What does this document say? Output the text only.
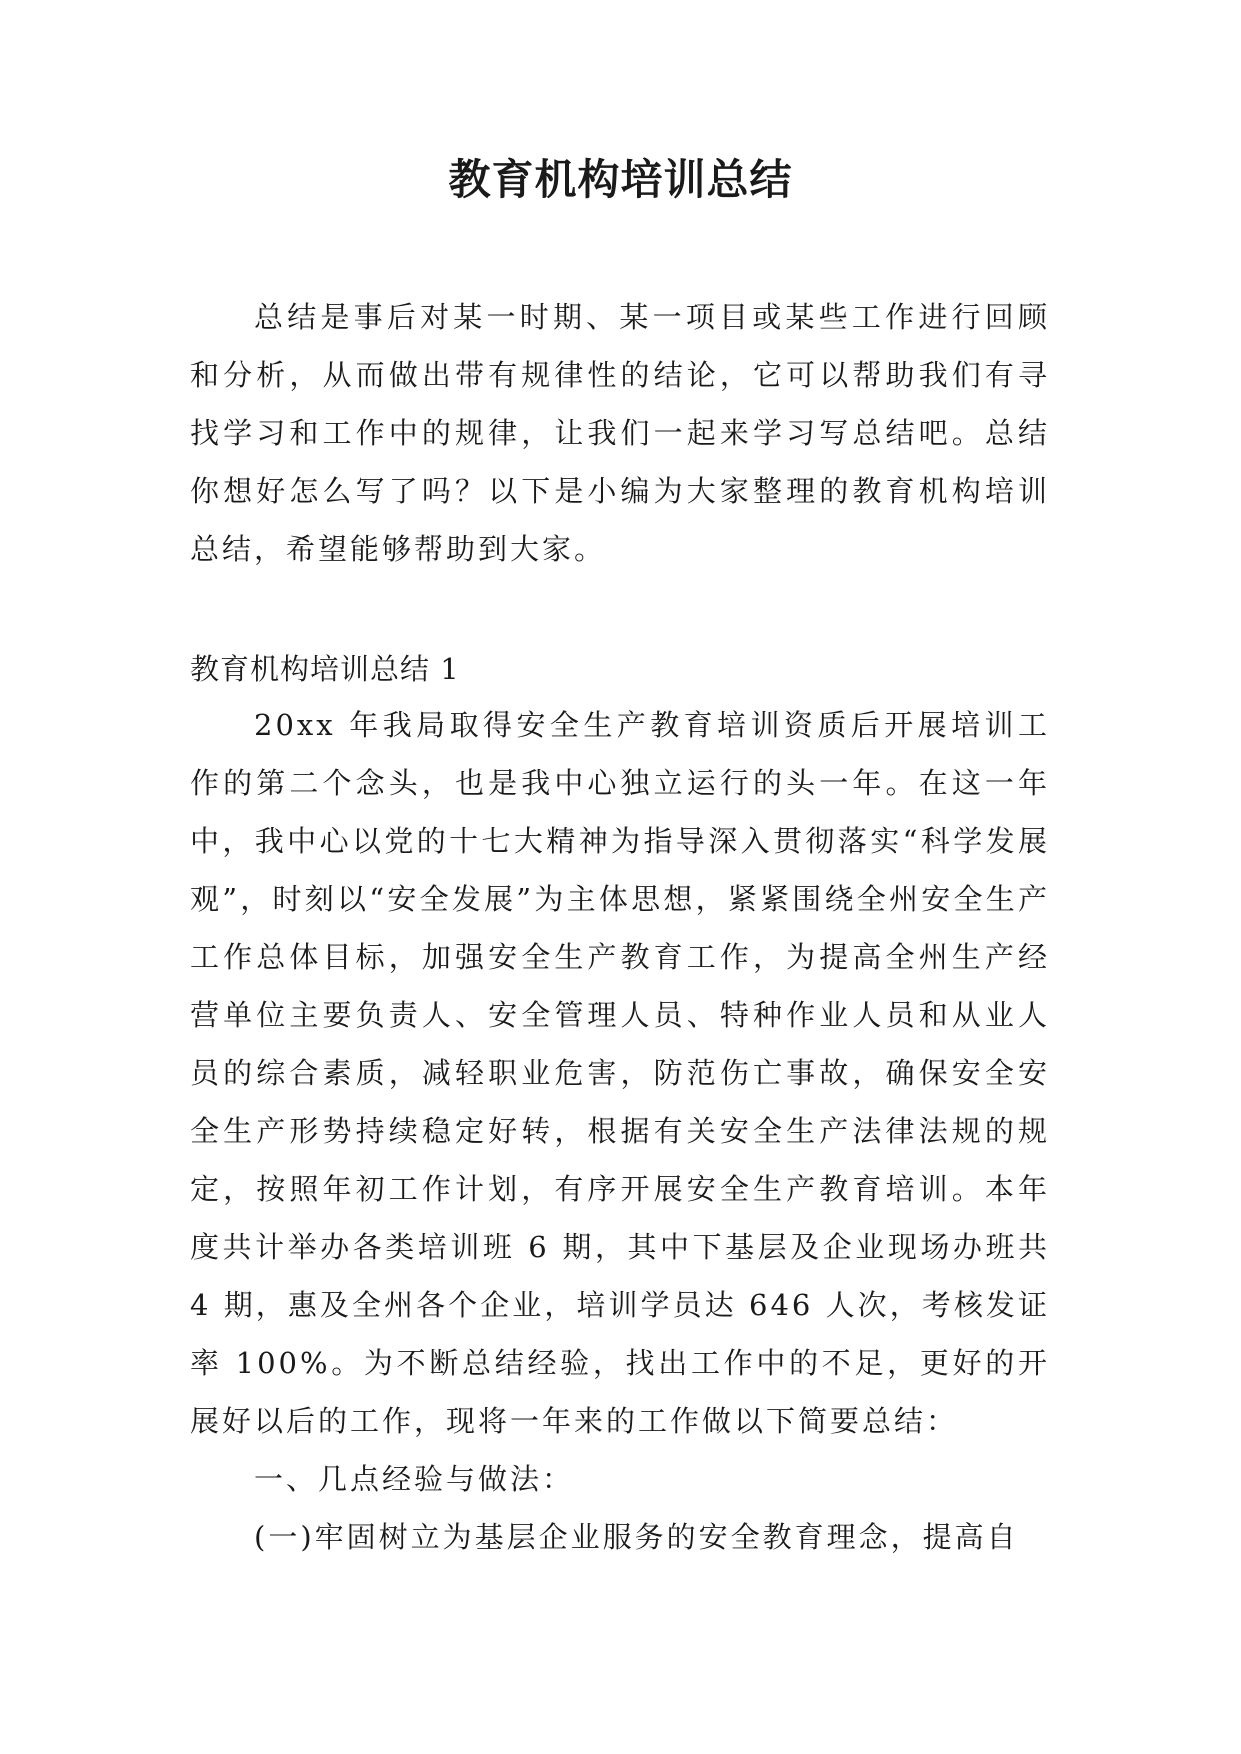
教育机构培训总结

总结是事后对某一时期、某一项目或某些工作进行回顾和分析，从而做出带有规律性的结论，它可以帮助我们有寻找学习和工作中的规律，让我们一起来学习写总结吧。总结你想好怎么写了吗？以下是小编为大家整理的教育机构培训总结，希望能够帮助到大家。

教育机构培训总结 1

20xx 年我局取得安全生产教育培训资质后开展培训工作的第二个念头，也是我中心独立运行的头一年。在这一年中，我中心以党的十七大精神为指导深入贯彻落实“科学发展观”，时刻以“安全发展”为主体思想，紧紧围绕全州安全生产工作总体目标，加强安全生产教育工作，为提高全州生产经营单位主要负责人、安全管理人员、特种作业人员和从业人员的综合素质，减轻职业危害，防范伤亡事故，确保安全安全生产形势持续稳定好转，根据有关安全生产法律法规的规定，按照年初工作计划，有序开展安全生产教育培训。本年度共计举办各类培训班 6 期，其中下基层及企业现场办班共 4 期，惠及全州各个企业，培训学员达 646 人次，考核发证率 100%。为不断总结经验，找出工作中的不足，更好的开展好以后的工作，现将一年来的工作做以下简要总结：

一、几点经验与做法：

(一)牢固树立为基层企业服务的安全教育理念，提高自
